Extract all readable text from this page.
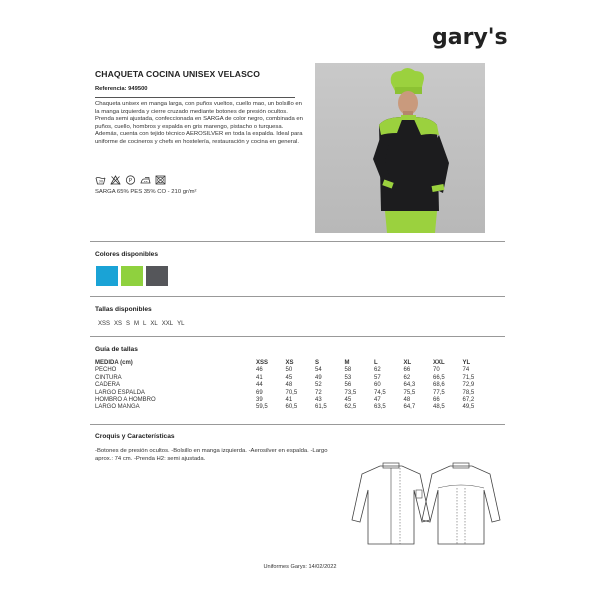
gary's
CHAQUETA COCINA UNISEX VELASCO
Referencia: 949500
Chaqueta unisex en manga larga, con puños vueltos, cuello mao, un bolsillo en la manga izquierda y cierre cruzado mediante botones de presión ocultos. Prenda semi ajustada, confeccionada en SARGA de color negro, combinada en puños, cuello, hombros y espalda en gris marengo, pistacho o turquesa. Además, cuenta con tejido técnico AEROSILVER en toda la espalda. Ideal para uniforme de cocineros y chefs en hostelería, restauración y cocina en general.
30	P
SARGA 65% PES 35% CO - 210 gr/m²
Colores disponibles
Tallas disponibles
XSS XS S M L XL XXL YL
Guía de tallas
MEDIDA (cm)	XSS	XS	S	M	L	XL	XXL	YL
PECHO	46	50	54	58	62	66	70	74
CINTURA	41	45	49	53	57	62	66,5	71,5
CADERA	44	48	52	56	60	64,3	68,6	72,9
LARGO ESPALDA	69	70,5	72	73,5	74,5	75,5	77,5	78,5
HOMBRO A HOMBRO	39	41	43	45	47	48	66	67,2
LARGO MANGA	59,5	60,5	61,5	62,5	63,5	64,7	48,5	49,5
Croquis y Características
-Botones de presión ocultos. -Bolsillo en manga izquierda. -Aerosilver en espalda. -Largo aprox.: 74 cm. -Prenda H2: semi ajustada.
Uniformes Garys: 14/02/2022
